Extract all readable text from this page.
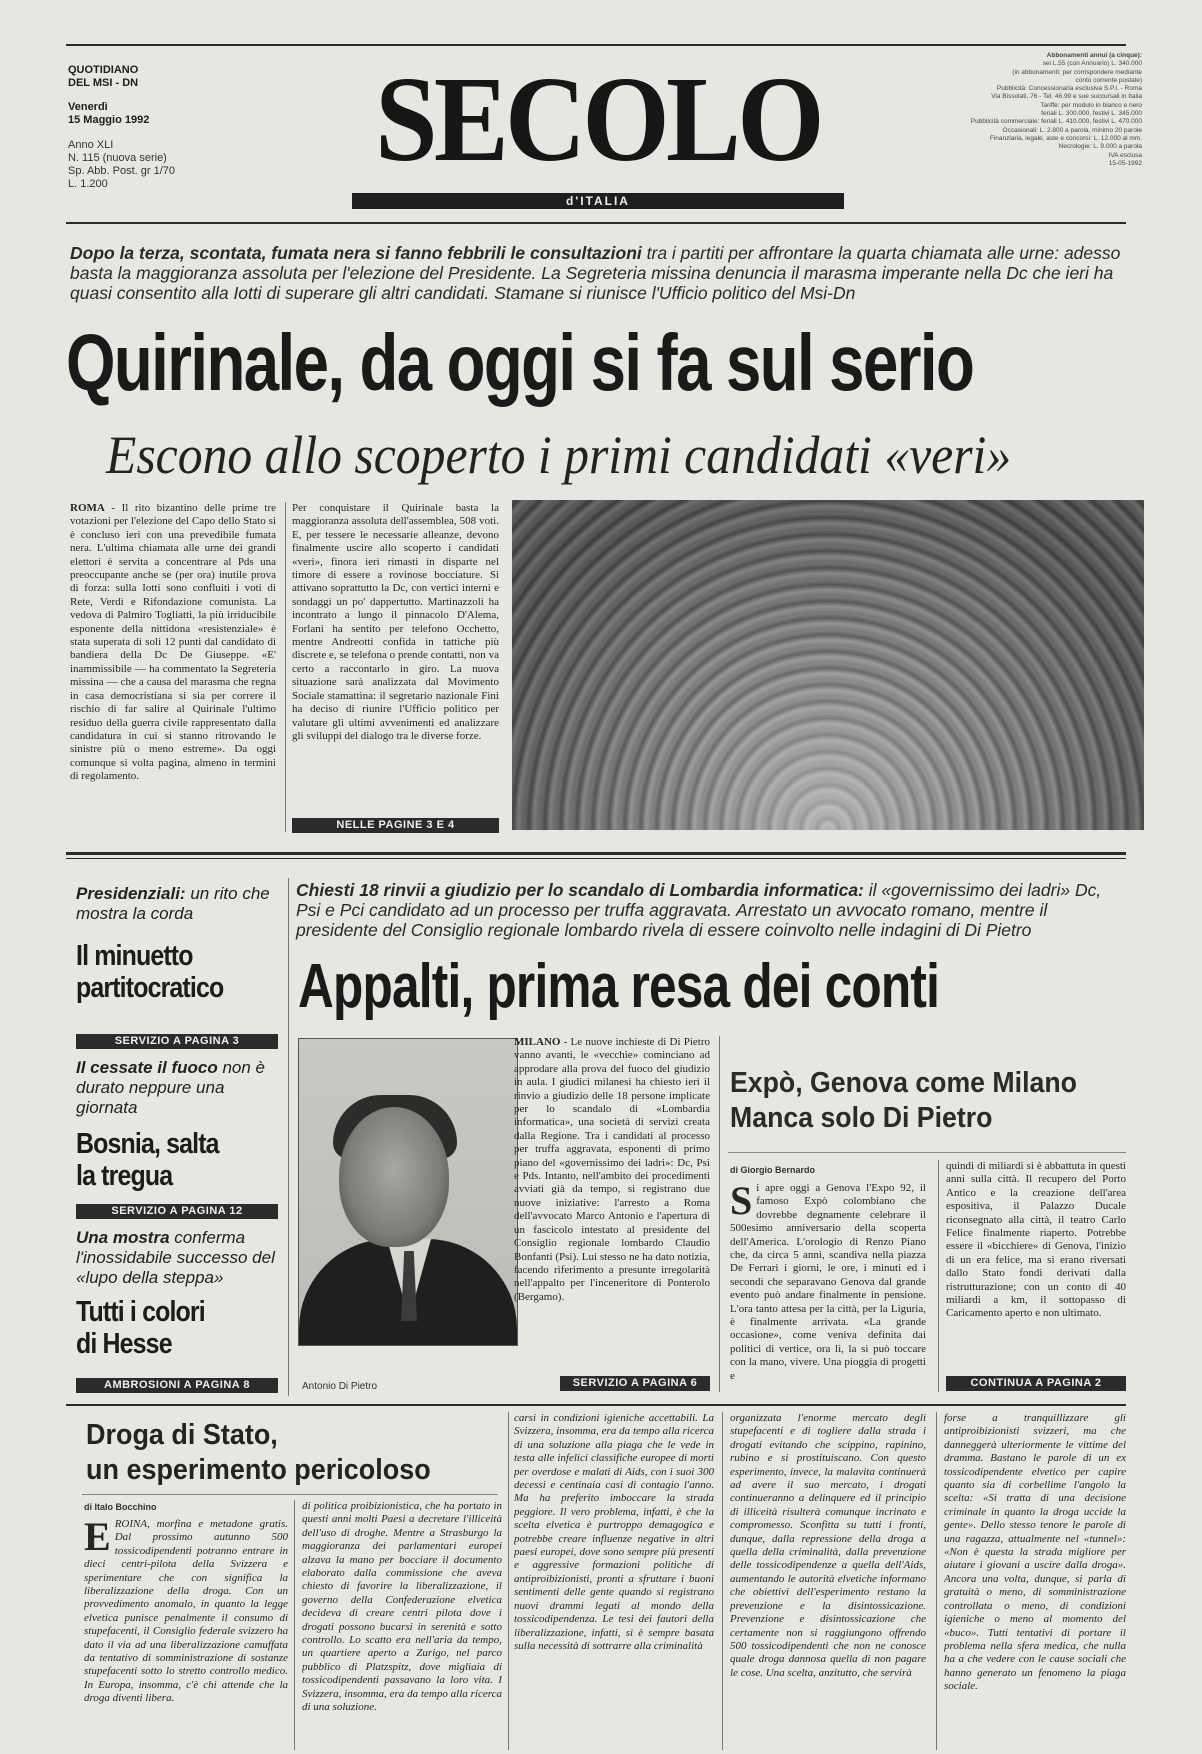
QUOTIDIANO
DEL MSI - DN
Venerdì
15 Maggio 1992
Anno XLI
N. 115 (nuova serie)
Sp. Abb. Post. gr 1/70
L. 1.200	SECOLO
d'ITALIA
Abbonamenti annui (a cinque):
sei L.55 (con Annuario) L. 340.000
(in abbonamenti: per corrispondere mediante
conto corrente postale)
Pubblicità: Concessionaria esclusiva S.P.I. - Roma
Via Bissolati, 76 - Tel. 46.99 e sue succursali in Italia
Tariffe: per modulo in bianco e nero
feriali L. 300.000, festivi L. 345.000
Pubblicità commerciale: feriali L. 410.000, festivi L. 470.000
Occasionali: L. 2.800 a parola, minimo 20 parole
Finanziaria, legale, aste e concorsi: L. 12.000 al mm.
Necrologie: L. 9.000 a parola
IVA esclusa
15-05-1992
Dopo la terza, scontata, fumata nera si fanno febbrili le consultazioni tra i partiti per affrontare la quarta chiamata alle urne: adesso basta la maggioranza assoluta per l'elezione del Presidente. La Segreteria missina denuncia il marasma imperante nella Dc che ieri ha quasi consentito alla Iotti di superare gli altri candidati. Stamane si riunisce l'Ufficio politico del Msi-Dn
Quirinale, da oggi si fa sul serio
Escono allo scoperto i primi candidati «veri»
ROMA - Il rito bizantino delle prime tre votazioni per l'elezione del Capo dello Stato si è concluso ieri con una prevedibile fumata nera. L'ultima chiamata alle urne dei grandi elettori è servita a concentrare al Pds una preoccupante anche se (per ora) inutile prova di forza: sulla Iotti sono confluiti i voti di Rete, Verdi e Rifondazione comunista. La vedova di Palmiro Togliatti, la più irriducibile esponente della nittidona «resistenziale» è stata superata di soli 12 punti dal candidato di bandiera della Dc De Giuseppe. «E' inammissibile — ha commentato la Segreteria missina — che a causa del marasma che regna in casa democristiana si sia per correre il rischio di far salire al Quirinale l'ultimo residuo della guerra civile rappresentato dalla candidatura in cui si stanno ritrovando le sinistre più o meno estreme». Da oggi comunque si volta pagina, almeno in termini di regolamento.
Per conquistare il Quirinale basta la maggioranza assoluta dell'assemblea, 508 voti. E, per tessere le necessarie alleanze, devono finalmente uscire allo scoperto i candidati «veri», finora ieri rimasti in disparte nel timore di essere a rovinose bocciature. Si attivano soprattutto la Dc, con vertici interni e sondaggi un po' dappertutto. Martinazzoli ha incontrato a lungo il pinnacolo D'Alema, Forlani ha sentito per telefono Occhetto, mentre Andreotti confida in tattiche più discrete e, se telefona o prende contatti, non va certo a raccontarlo in giro. La nuova situazione sarà analizzata dal Movimento Sociale stamattina: il segretario nazionale Fini ha deciso di riunire l'Ufficio politico per valutare gli ultimi avvenimenti ed analizzare gli sviluppi del dialogo tra le diverse forze.
NELLE PAGINE 3 E 4
Presidenziali: un rito che mostra la corda
Il minuetto
partitocratico
SERVIZIO A PAGINA 3
Il cessate il fuoco non è durato neppure una giornata
Bosnia, salta
la tregua
SERVIZIO A PAGINA 12
Una mostra conferma l'inossidabile successo del «lupo della steppa»
Tutti i colori
di Hesse
AMBROSIONI A PAGINA 8
Chiesti 18 rinvii a giudizio per lo scandalo di Lombardia informatica: il «governissimo dei ladri» Dc, Psi e Pci candidato ad un processo per truffa aggravata. Arrestato un avvocato romano, mentre il presidente del Consiglio regionale lombardo rivela di essere coinvolto nelle indagini di Di Pietro
Appalti, prima resa dei conti
Antonio Di Pietro
MILANO - Le nuove inchieste di Di Pietro vanno avanti, le «vecchie» cominciano ad approdare alla prova del fuoco del giudizio in aula. I giudici milanesi ha chiesto ieri il rinvio a giudizio delle 18 persone implicate per lo scandalo di «Lombardia informatica», una società di servizi creata dalla Regione. Tra i candidati al processo per truffa aggravata, esponenti di primo piano del «governissimo dei ladri»: Dc, Psi e Pds. Intanto, nell'ambito dei procedimenti avviati già da tempo, si registrano due nuove iniziative: l'arresto a Roma dell'avvocato Marco Antonio e l'apertura di un fascicolo intestato al presidente del Consiglio regionale lombardo Claudio Bonfanti (Psi). Lui stesso ne ha dato notizia, facendo riferimento a presunte irregolarità nell'appalto per l'inceneritore di Ponterolo (Bergamo).
SERVIZIO A PAGINA 6
Expò, Genova come Milano
Manca solo Di Pietro
di Giorgio Bernardo
Si apre oggi a Genova l'Expo 92, il famoso Expò colombiano che dovrebbe degnamente celebrare il 500esimo anniversario della scoperta dell'America. L'orologio di Renzo Piano che, da circa 5 anni, scandiva nella piazza De Ferrari i giorni, le ore, i minuti ed i secondi che separavano Genova dal grande evento può andare finalmente in pensione. L'ora tanto attesa per la città, per la Liguria, è finalmente arrivata. «La grande occasione», come veniva definita dai politici di vertice, ora lì, la si può toccare con la mano, vivere. Una pioggia di progetti e
quindi di miliardi si è abbattuta in questi anni sulla città. Il recupero del Porto Antico e la creazione dell'area espositiva, il Palazzo Ducale riconsegnato alla città, il teatro Carlo Felice finalmente riaperto. Potrebbe essere il «bicchiere» di Genova, l'inizio di un era felice, ma si erano riversati dallo Stato fondi derivati dalla ristrutturazione; con un conto di 40 miliardi a km, il sottopasso di Caricamento aperto e non ultimato.
CONTINUA A PAGINA 2
Droga di Stato,
un esperimento pericoloso
di Italo Bocchino
EROINA, morfina e metadone gratis. Dal prossimo autunno 500 tossicodipendenti potranno entrare in dieci centri-pilota della Svizzera e sperimentare che con significa la liberalizzazione della droga. Con un provvedimento anomalo, in quanto la legge elvetica punisce penalmente il consumo di stupefacenti, il Consiglio federale svizzero ha dato il via ad una liberalizzazione camuffata da tentativo di somministrazione di sostanze stupefacenti sotto lo stretto controllo medico. In Europa, insomma, c'è chi attende che la droga diventi libera.
di politica proibizionistica, che ha portato in questi anni molti Paesi a decretare l'illiceità dell'uso di droghe. Mentre a Strasburgo la maggioranza dei parlamentari europei alzava la mano per bocciare il documento elaborato dalla commissione che aveva chiesto di favorire la liberalizzazione, il governo della Confederazione elvetica decideva di creare centri pilota dove i drogati possono bucarsi in serenità e sotto controllo. Lo scatto era nell'aria da tempo, un quartiere aperto a Zurigo, nel parco pubblico di Platzspitz, dove migliaia di tossicodipendenti passavano la loro vita. I Svizzera, insomma, era da tempo alla ricerca di una soluzione.
carsi in condizioni igieniche accettabili. La Svizzera, insomma, era da tempo alla ricerca di una soluzione alla piaga che le vede in testa alle infelici classifiche europee di morti per overdose e malati di Aids, con i suoi 300 decessi e centinaia casi di contagio l'anno. Ma ha preferito imboccare la strada peggiore. Il vero problema, infatti, è che la scelta elvetica è purtroppo demagogica e potrebbe creare influenze negative in altri paesi europei, dove sono sempre più presenti e aggressive formazioni politiche di antiproibizionisti, pronti a sfruttare i buoni sentimenti delle gente quando si registrano nuovi drammi legati al mondo della tossicodipendenza. Le tesi dei fautori della liberalizzazione, infatti, si è sempre basata sulla necessità di sottrarre alla criminalità
organizzata l'enorme mercato degli stupefacenti e di togliere dalla strada i drogati evitando che scippino, rapinino, rubino e si prostituiscano. Con questo esperimento, invece, la malavita continuerà ad avere il suo mercato, i drogati continueranno a delinquere ed il principio di illiceità risulterà comunque incrinato e compromesso. Sconfitta su tutti i fronti, dunque, dalla repressione della droga a quella della criminalità, dalla prevenzione delle tossicodipendenze a quella dell'Aids, aumentando le autorità elvetiche informano che obiettivi dell'esperimento restano la prevenzione e la disintossicazione. Prevenzione e disintossicazione che certamente non si raggiungono offrendo 500 tossicodipendenti che non ne conosce quale droga dannosa quella di non pagare le cose. Una scelta, anzitutto, che servirà
forse a tranquillizzare gli antiproibizionisti svizzeri, ma che danneggerà ulteriormente le vittime del dramma. Bastano le parole di un ex tossicodipendente elvetico per capire quanto sia di corbellime l'angolo la scelta: «Si tratta di una decisione criminale in quanto la droga uccide la gente». Dello stesso tenore le parole di una ragazza, attualmente nel «tunnel»: «Non è questa la strada migliore per aiutare i giovani a uscire dalla droga». Ancora una volta, dunque, si parla di gratuità o meno, di somministrazione controllata o meno, di condizioni igieniche o meno al momento del «buco». Tutti tentativi di portare il problema nella sfera medica, che nulla ha a che vedere con le cause sociali che hanno generato un fenomeno la piaga sociale.
